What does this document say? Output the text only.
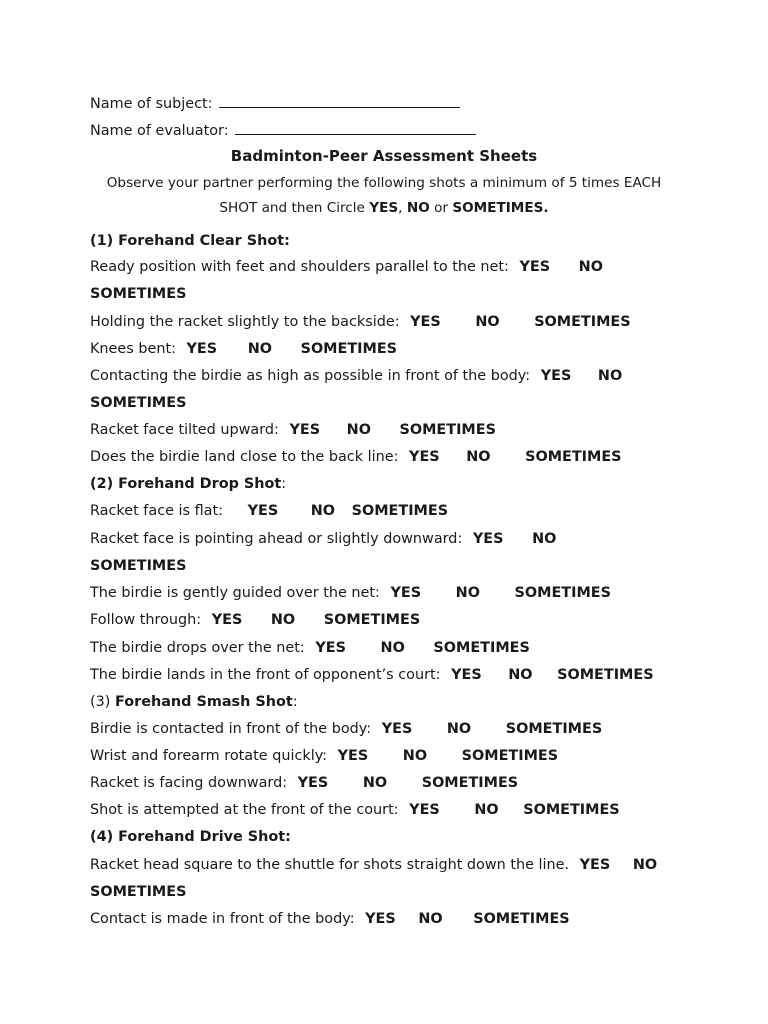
Name of subject:
Name of evaluator:
Badminton-Peer Assessment Sheets
Observe your partner performing the following shots a minimum of 5 times EACH
SHOT and then Circle YES, NO or SOMETIMES.
(1) Forehand Clear Shot:
Ready position with feet and shoulders parallel to the net: YES NO
SOMETIMES
Holding the racket slightly to the backside: YES NO SOMETIMES
Knees bent: YES NO SOMETIMES
Contacting the birdie as high as possible in front of the body: YES NO
SOMETIMES
Racket face tilted upward: YES NO SOMETIMES
Does the birdie land close to the back line: YES NO SOMETIMES
(2) Forehand Drop Shot:
Racket face is flat: YES NO SOMETIMES
Racket face is pointing ahead or slightly downward: YES NO
SOMETIMES
The birdie is gently guided over the net: YES NO SOMETIMES
Follow through: YES NO SOMETIMES
The birdie drops over the net: YES NO SOMETIMES
The birdie lands in the front of opponent’s court: YES NO SOMETIMES
(3) Forehand Smash Shot:
Birdie is contacted in front of the body: YES NO SOMETIMES
Wrist and forearm rotate quickly: YES NO SOMETIMES
Racket is facing downward: YES NO SOMETIMES
Shot is attempted at the front of the court: YES NO SOMETIMES
(4) Forehand Drive Shot:
Racket head square to the shuttle for shots straight down the line. YES NO
SOMETIMES
Contact is made in front of the body: YES NO SOMETIMES
